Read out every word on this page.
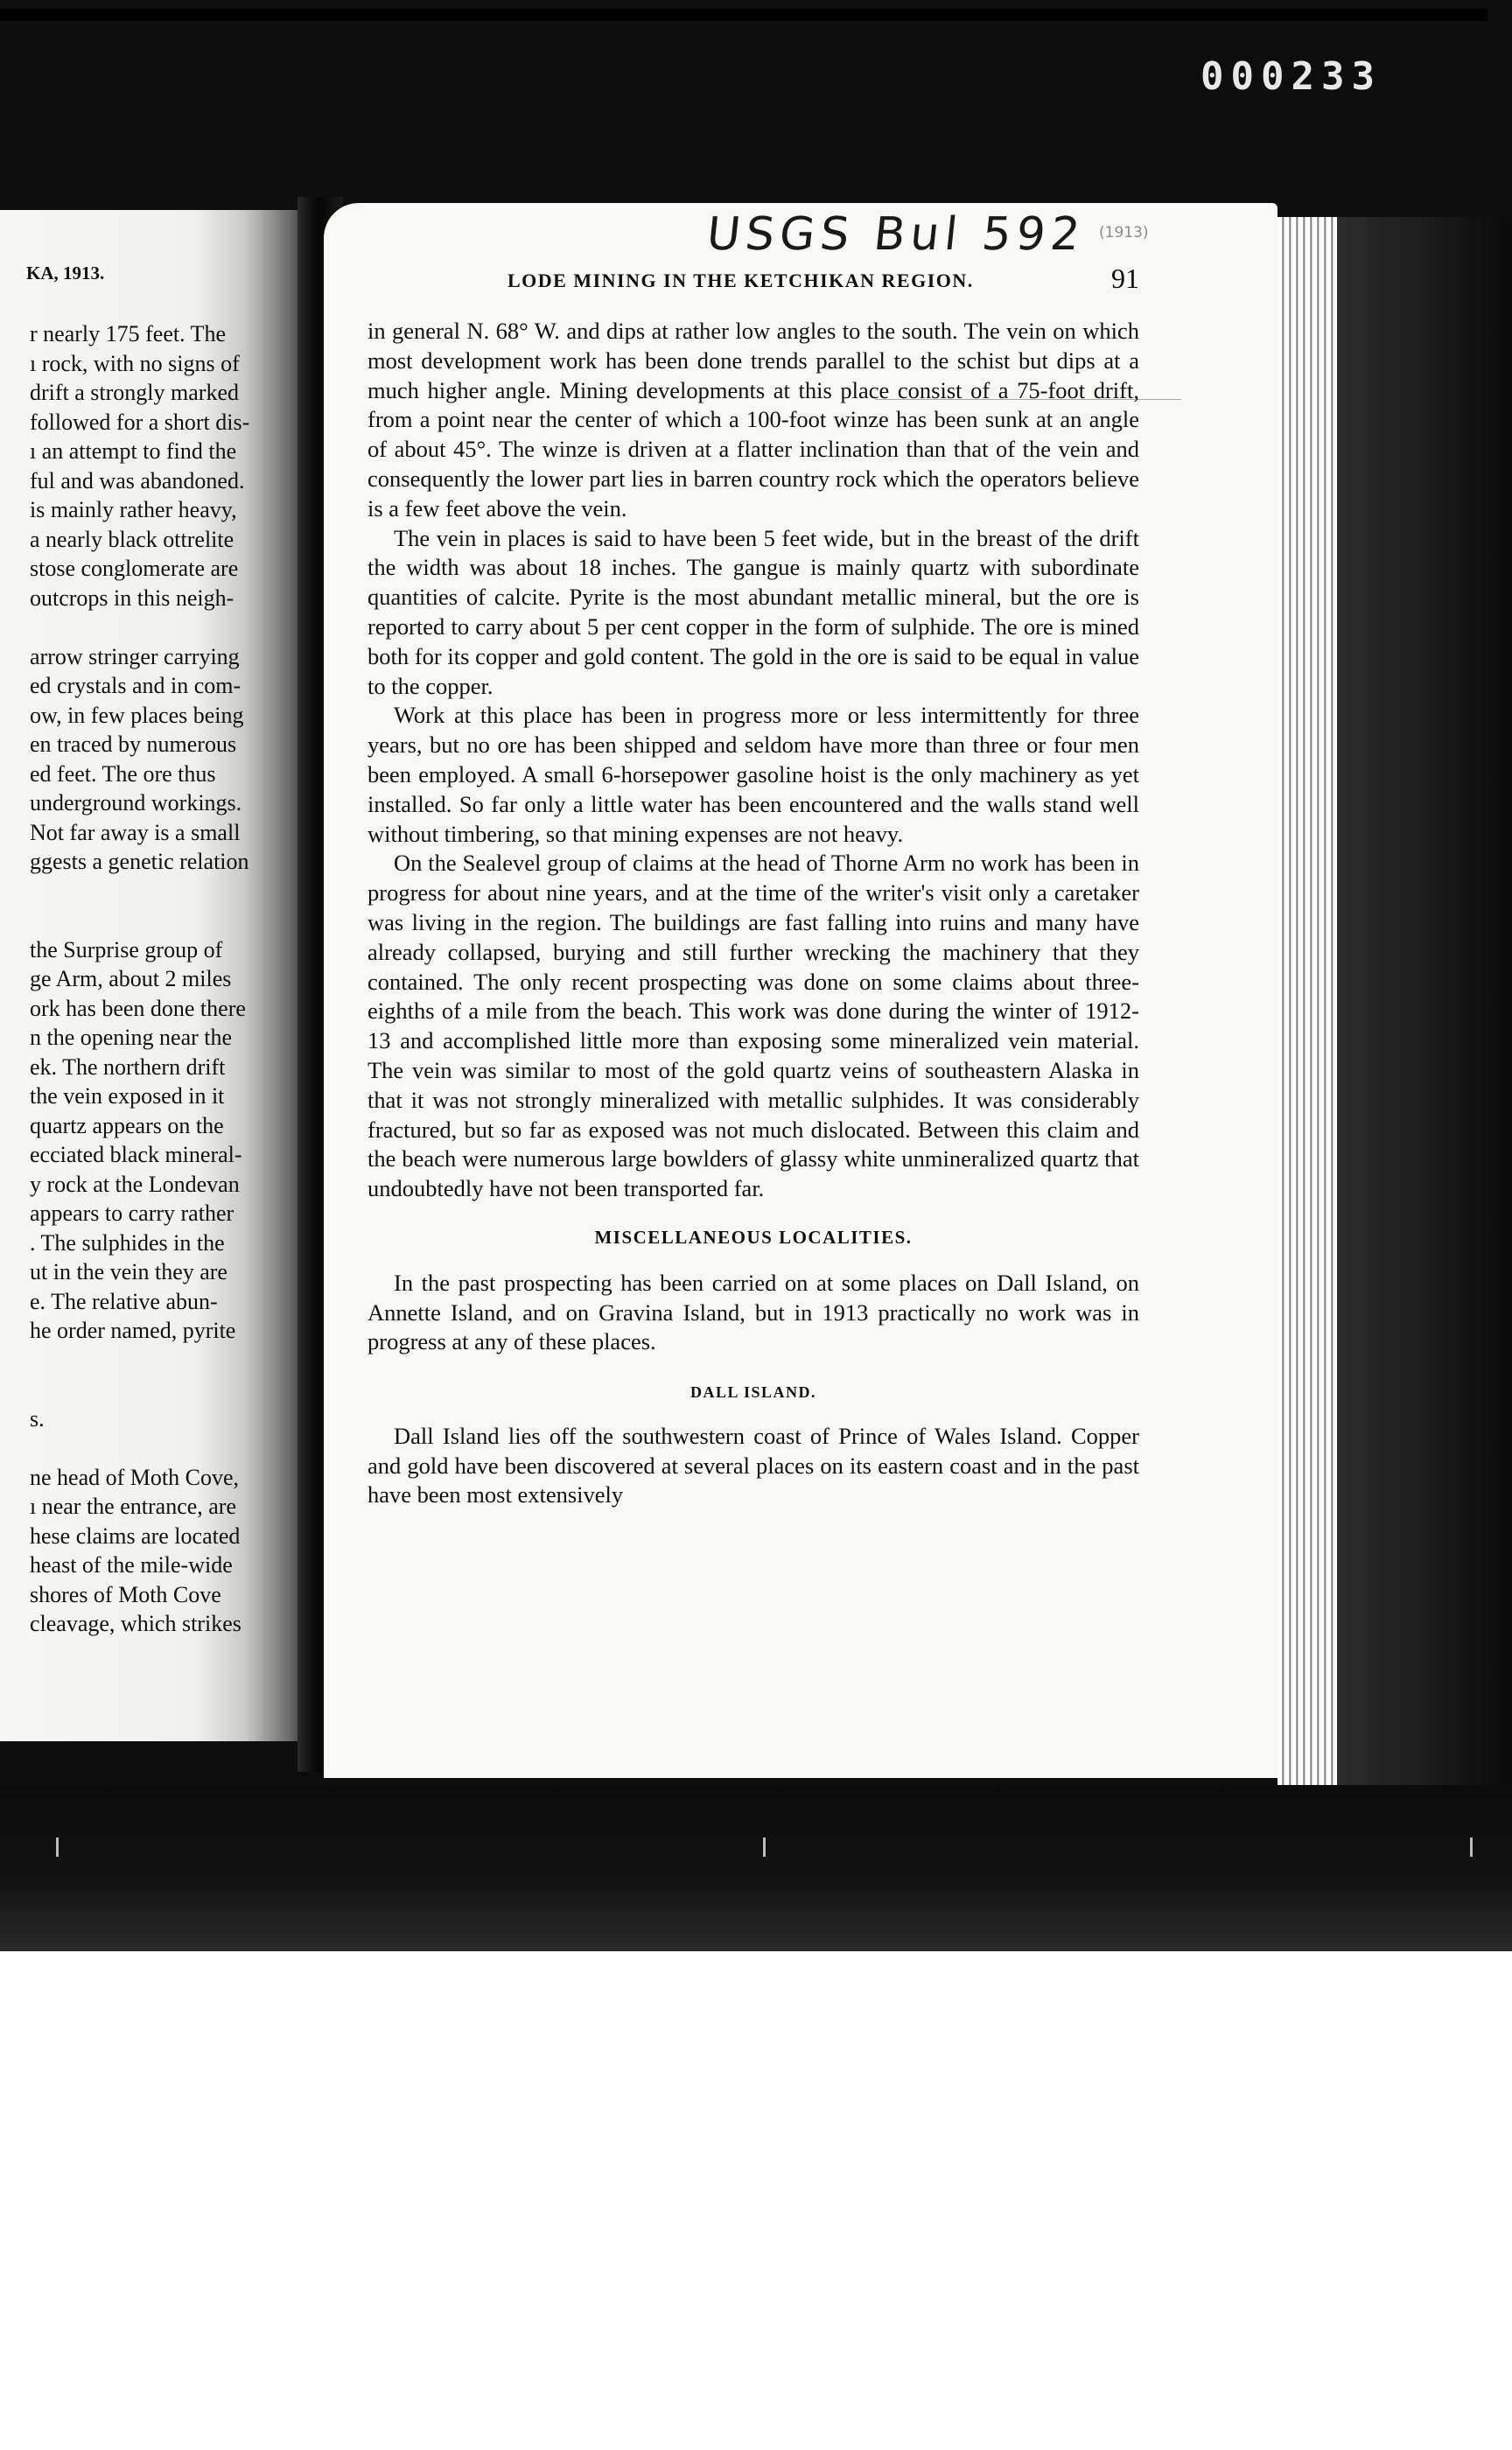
000233
KA, 1913.
r nearly 175 feet. The
ı rock, with no signs of
drift a strongly marked
followed for a short dis-
ı an attempt to find the
ful and was abandoned.
is mainly rather heavy,
a nearly black ottrelite
stose conglomerate are
outcrops in this neigh-
arrow stringer carrying
ed crystals and in com-
ow, in few places being
en traced by numerous
ed feet. The ore thus
underground workings.
Not far away is a small
ggests a genetic relation
the Surprise group of
ge Arm, about 2 miles
ork has been done there
n the opening near the
ek. The northern drift
the vein exposed in it
quartz appears on the
ecciated black mineral-
y rock at the Londevan
appears to carry rather
. The sulphides in the
ut in the vein they are
e. The relative abun-
he order named, pyrite
s.
ne head of Moth Cove,
ı near the entrance, are
hese claims are located
heast of the mile-wide
shores of Moth Cove
cleavage, which strikes
USGS Bul 592 (1913)
LODE MINING IN THE KETCHIKAN REGION.	91

in general N. 68° W. and dips at rather low angles to the south. The vein on which most development work has been done trends parallel to the schist but dips at a much higher angle. Mining developments at this place consist of a 75-foot drift, from a point near the center of which a 100-foot winze has been sunk at an angle of about 45°. The winze is driven at a flatter inclination than that of the vein and consequently the lower part lies in barren country rock which the operators believe is a few feet above the vein.

The vein in places is said to have been 5 feet wide, but in the breast of the drift the width was about 18 inches. The gangue is mainly quartz with subordinate quantities of calcite. Pyrite is the most abundant metallic mineral, but the ore is reported to carry about 5 per cent copper in the form of sulphide. The ore is mined both for its copper and gold content. The gold in the ore is said to be equal in value to the copper.

Work at this place has been in progress more or less intermittently for three years, but no ore has been shipped and seldom have more than three or four men been employed. A small 6-horsepower gasoline hoist is the only machinery as yet installed. So far only a little water has been encountered and the walls stand well without timbering, so that mining expenses are not heavy.

On the Sealevel group of claims at the head of Thorne Arm no work has been in progress for about nine years, and at the time of the writer's visit only a caretaker was living in the region. The buildings are fast falling into ruins and many have already collapsed, burying and still further wrecking the machinery that they contained. The only recent prospecting was done on some claims about three-eighths of a mile from the beach. This work was done during the winter of 1912-13 and accomplished little more than exposing some mineralized vein material. The vein was similar to most of the gold quartz veins of southeastern Alaska in that it was not strongly mineralized with metallic sulphides. It was considerably fractured, but so far as exposed was not much dislocated. Between this claim and the beach were numerous large bowlders of glassy white unmineralized quartz that undoubtedly have not been transported far.

MISCELLANEOUS LOCALITIES.

In the past prospecting has been carried on at some places on Dall Island, on Annette Island, and on Gravina Island, but in 1913 practically no work was in progress at any of these places.

DALL ISLAND.

Dall Island lies off the southwestern coast of Prince of Wales Island. Copper and gold have been discovered at several places on its eastern coast and in the past have been most extensively
